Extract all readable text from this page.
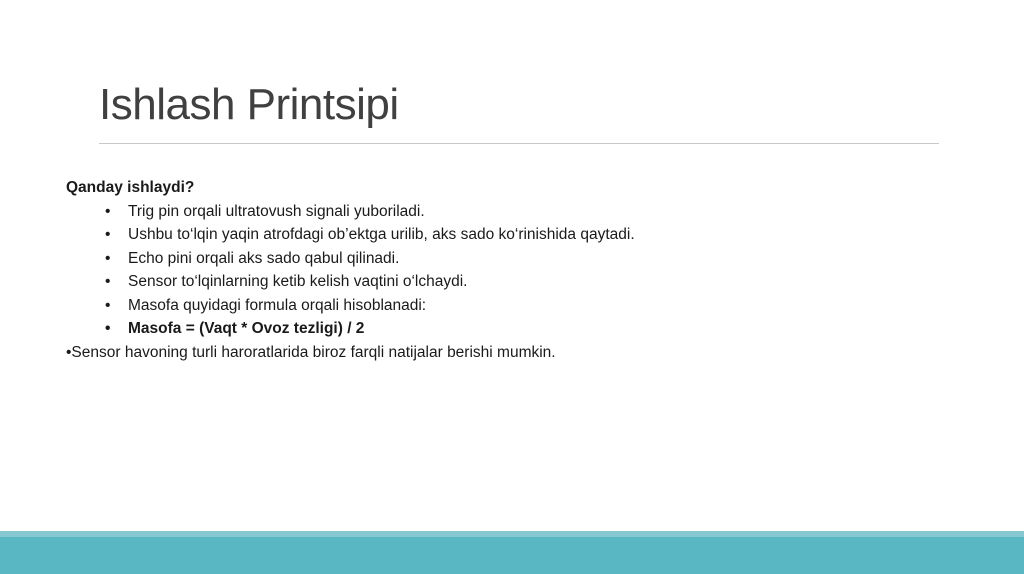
Ishlash Printsipi
Qanday ishlaydi?
• Trig pin orqali ultratovush signali yuboriladi.
• Ushbu to‘lqin yaqin atrofdagi ob’ektga urilib, aks sado ko‘rinishida qaytadi.
• Echo pini orqali aks sado qabul qilinadi.
• Sensor to‘lqinlarning ketib kelish vaqtini o‘lchaydi.
• Masofa quyidagi formula orqali hisoblanadi:
• Masofa = (Vaqt * Ovoz tezligi) / 2
•Sensor havoning turli haroratlarida biroz farqli natijalar berishi mumkin.
